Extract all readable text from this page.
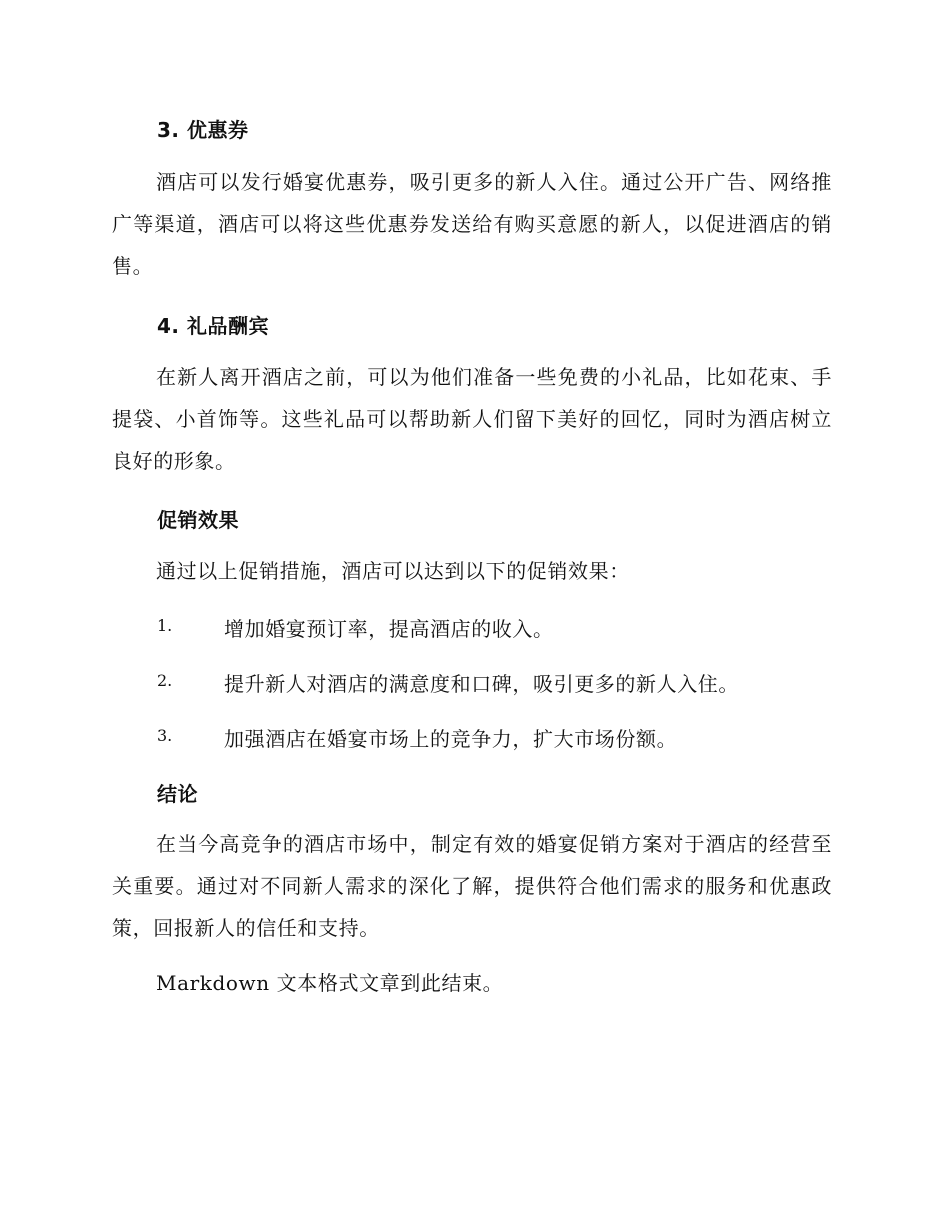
3. 优惠券
酒店可以发行婚宴优惠券，吸引更多的新人入住。通过公开广告、网络推广等渠道，酒店可以将这些优惠券发送给有购买意愿的新人，以促进酒店的销售。
4. 礼品酬宾
在新人离开酒店之前，可以为他们准备一些免费的小礼品，比如花束、手提袋、小首饰等。这些礼品可以帮助新人们留下美好的回忆，同时为酒店树立良好的形象。
促销效果
通过以上促销措施，酒店可以达到以下的促销效果：
1.	增加婚宴预订率，提高酒店的收入。
2.	提升新人对酒店的满意度和口碑，吸引更多的新人入住。
3.	加强酒店在婚宴市场上的竞争力，扩大市场份额。
结论
在当今高竞争的酒店市场中，制定有效的婚宴促销方案对于酒店的经营至关重要。通过对不同新人需求的深化了解，提供符合他们需求的服务和优惠政策，回报新人的信任和支持。
Markdown 文本格式文章到此结束。
